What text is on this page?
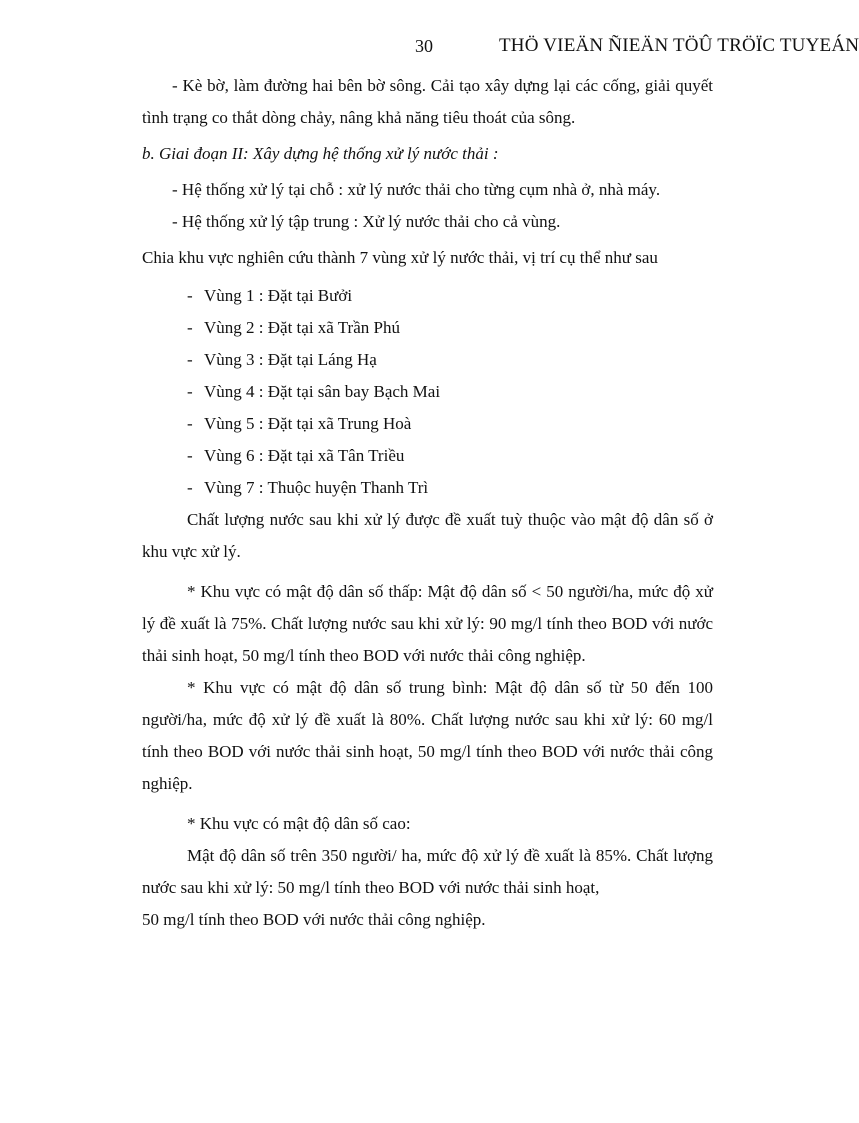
30	THÖ VIEÄN ÑIEÄN TÖÛ TRÖÏC TUYEÁN

- Kè bờ, làm đường hai bên bờ sông. Cải tạo xây dựng lại các cống, giải quyết tình trạng co thắt dòng chảy, nâng khả năng tiêu thoát của sông.

b. Giai đoạn II: Xây dựng hệ thống xử lý nước thải :

- Hệ thống xử lý tại chỗ : xử lý nước thải cho từng cụm nhà ở, nhà máy.

- Hệ thống xử lý tập trung : Xử lý nước thải cho cả vùng.

Chia khu vực nghiên cứu thành 7 vùng xử lý nước thải, vị trí cụ thể như sau

- Vùng 1 : Đặt tại Bưởi
- Vùng 2 : Đặt tại xã Trần Phú
- Vùng 3 : Đặt tại Láng Hạ
- Vùng 4 : Đặt tại sân bay Bạch Mai
- Vùng 5 : Đặt tại xã Trung Hoà
- Vùng 6 : Đặt tại xã Tân Triều
- Vùng 7 : Thuộc huyện Thanh Trì

Chất lượng nước sau khi xử lý được đề xuất tuỳ thuộc vào mật độ dân số ở khu vực xử lý.

* Khu vực có mật độ dân số thấp: Mật độ dân số < 50 người/ha, mức độ xử lý đề xuất là 75%. Chất lượng nước sau khi xử lý: 90 mg/l tính theo BOD với nước thải sinh hoạt, 50 mg/l tính theo BOD với nước thải công nghiệp.

* Khu vực có mật độ dân số trung bình: Mật độ dân số từ 50 đến 100 người/ha, mức độ xử lý đề xuất là 80%. Chất lượng nước sau khi xử lý: 60 mg/l tính theo BOD với nước thải sinh hoạt, 50 mg/l tính theo BOD với nước thải công nghiệp.

* Khu vực có mật độ dân số cao:

Mật độ dân số trên 350 người/ ha, mức độ xử lý đề xuất là 85%. Chất lượng nước sau khi xử lý: 50 mg/l tính theo BOD với nước thải sinh hoạt,

50 mg/l tính theo BOD với nước thải công nghiệp.
